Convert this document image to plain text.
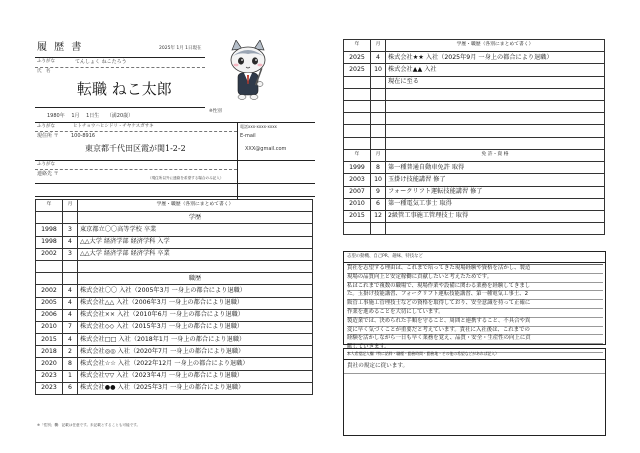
履 歴 書	2025年 1月 1日現在
ふりがな	てんしょく ねこたろう
氏　名
転職 ねこ太郎
※性別
1980年　 1月　 1日生　　（満20歳）
ふりがな	ヒトチョウハヒシドリ・チヤケスガサキ	電話xxx-xxxx-xxxx
現住所 〒 100-8916	E-mail
東京都千代田区霞が関1-2-2	XXX@gmail.com
ふりがな
連絡先 〒
（現住所以外に連絡を希望する場合のみ記入）
年	月	学歴・職歴（各別にまとめて書く）
		学歴
1998	3	東京都立〇〇高等学校 卒業
1998	4	△△大学 経済学部 経済学科 入学
2002	3	△△大学 経済学部 経済学科 卒業

		職歴
2002	4	株式会社〇〇 入社（2005年3月 一身上の都合により退職）
2005	4	株式会社△△ 入社（2006年3月 一身上の都合により退職）
2006	4	株式会社×× 入社（2010年6月 一身上の都合により退職）
2010	7	株式会社◇◇ 入社（2015年3月 一身上の都合により退職）
2015	4	株式会社□□ 入社（2018年1月 一身上の都合により退職）
2018	2	株式会社◎◎ 入社（2020年7月 一身上の都合により退職）
2020	8	株式会社☆☆ 入社（2022年12月 一身上の都合により退職）
2023	1	株式会社▽▽ 入社（2023年4月 一身上の都合により退職）
2023	6	株式会社●● 入社（2025年3月 一身上の都合により退職）
※「性別」欄：記載は任意です。未記載とすることも可能です。
年	月	学歴・職歴（各別にまとめて書く）
2025	4	株式会社★★ 入社（2025年9月 一身上の都合により退職）
2025	10	株式会社▲▲ 入社
		現在に至る

年	月	免 許・資 格
1999	8	第一種普通自動車免許 取得
2003	10	玉掛け技能講習 修了
2007	9	フォークリフト運転技能講習 修了
2010	6	第一種電気工事士 取得
2015	12	2級管工事施工管理技士 取得

志望の動機、自己PR、趣味、特技など
貴社を志望する理由は、これまで培ってきた現場経験や資格を活かし、製造
現場の品質向上と安定稼働に貢献したいと考えたためです。
私はこれまで複数の職場で、現場作業や設備に関わる業務を経験してきまし
た。玉掛け技能講習、フォークリフト運転技能講習、第一種電気工事士、2
級管工事施工管理技士などの資格を取得しており、安全意識を持って正確に
作業を進めることを大切にしています。
製造業では、決められた手順を守ること、周囲と連携すること、不具合や異
変に早く気づくことが重要だと考えています。貴社に入社後は、これまでの
経験を活かしながら一日も早く業務を覚え、品質・安全・生産性の向上に貢
献していきます。
本人希望記入欄（特に給料・職種・勤務時間・勤務地・その他の希望などがあれば記入）
貴社の規定に従います。
